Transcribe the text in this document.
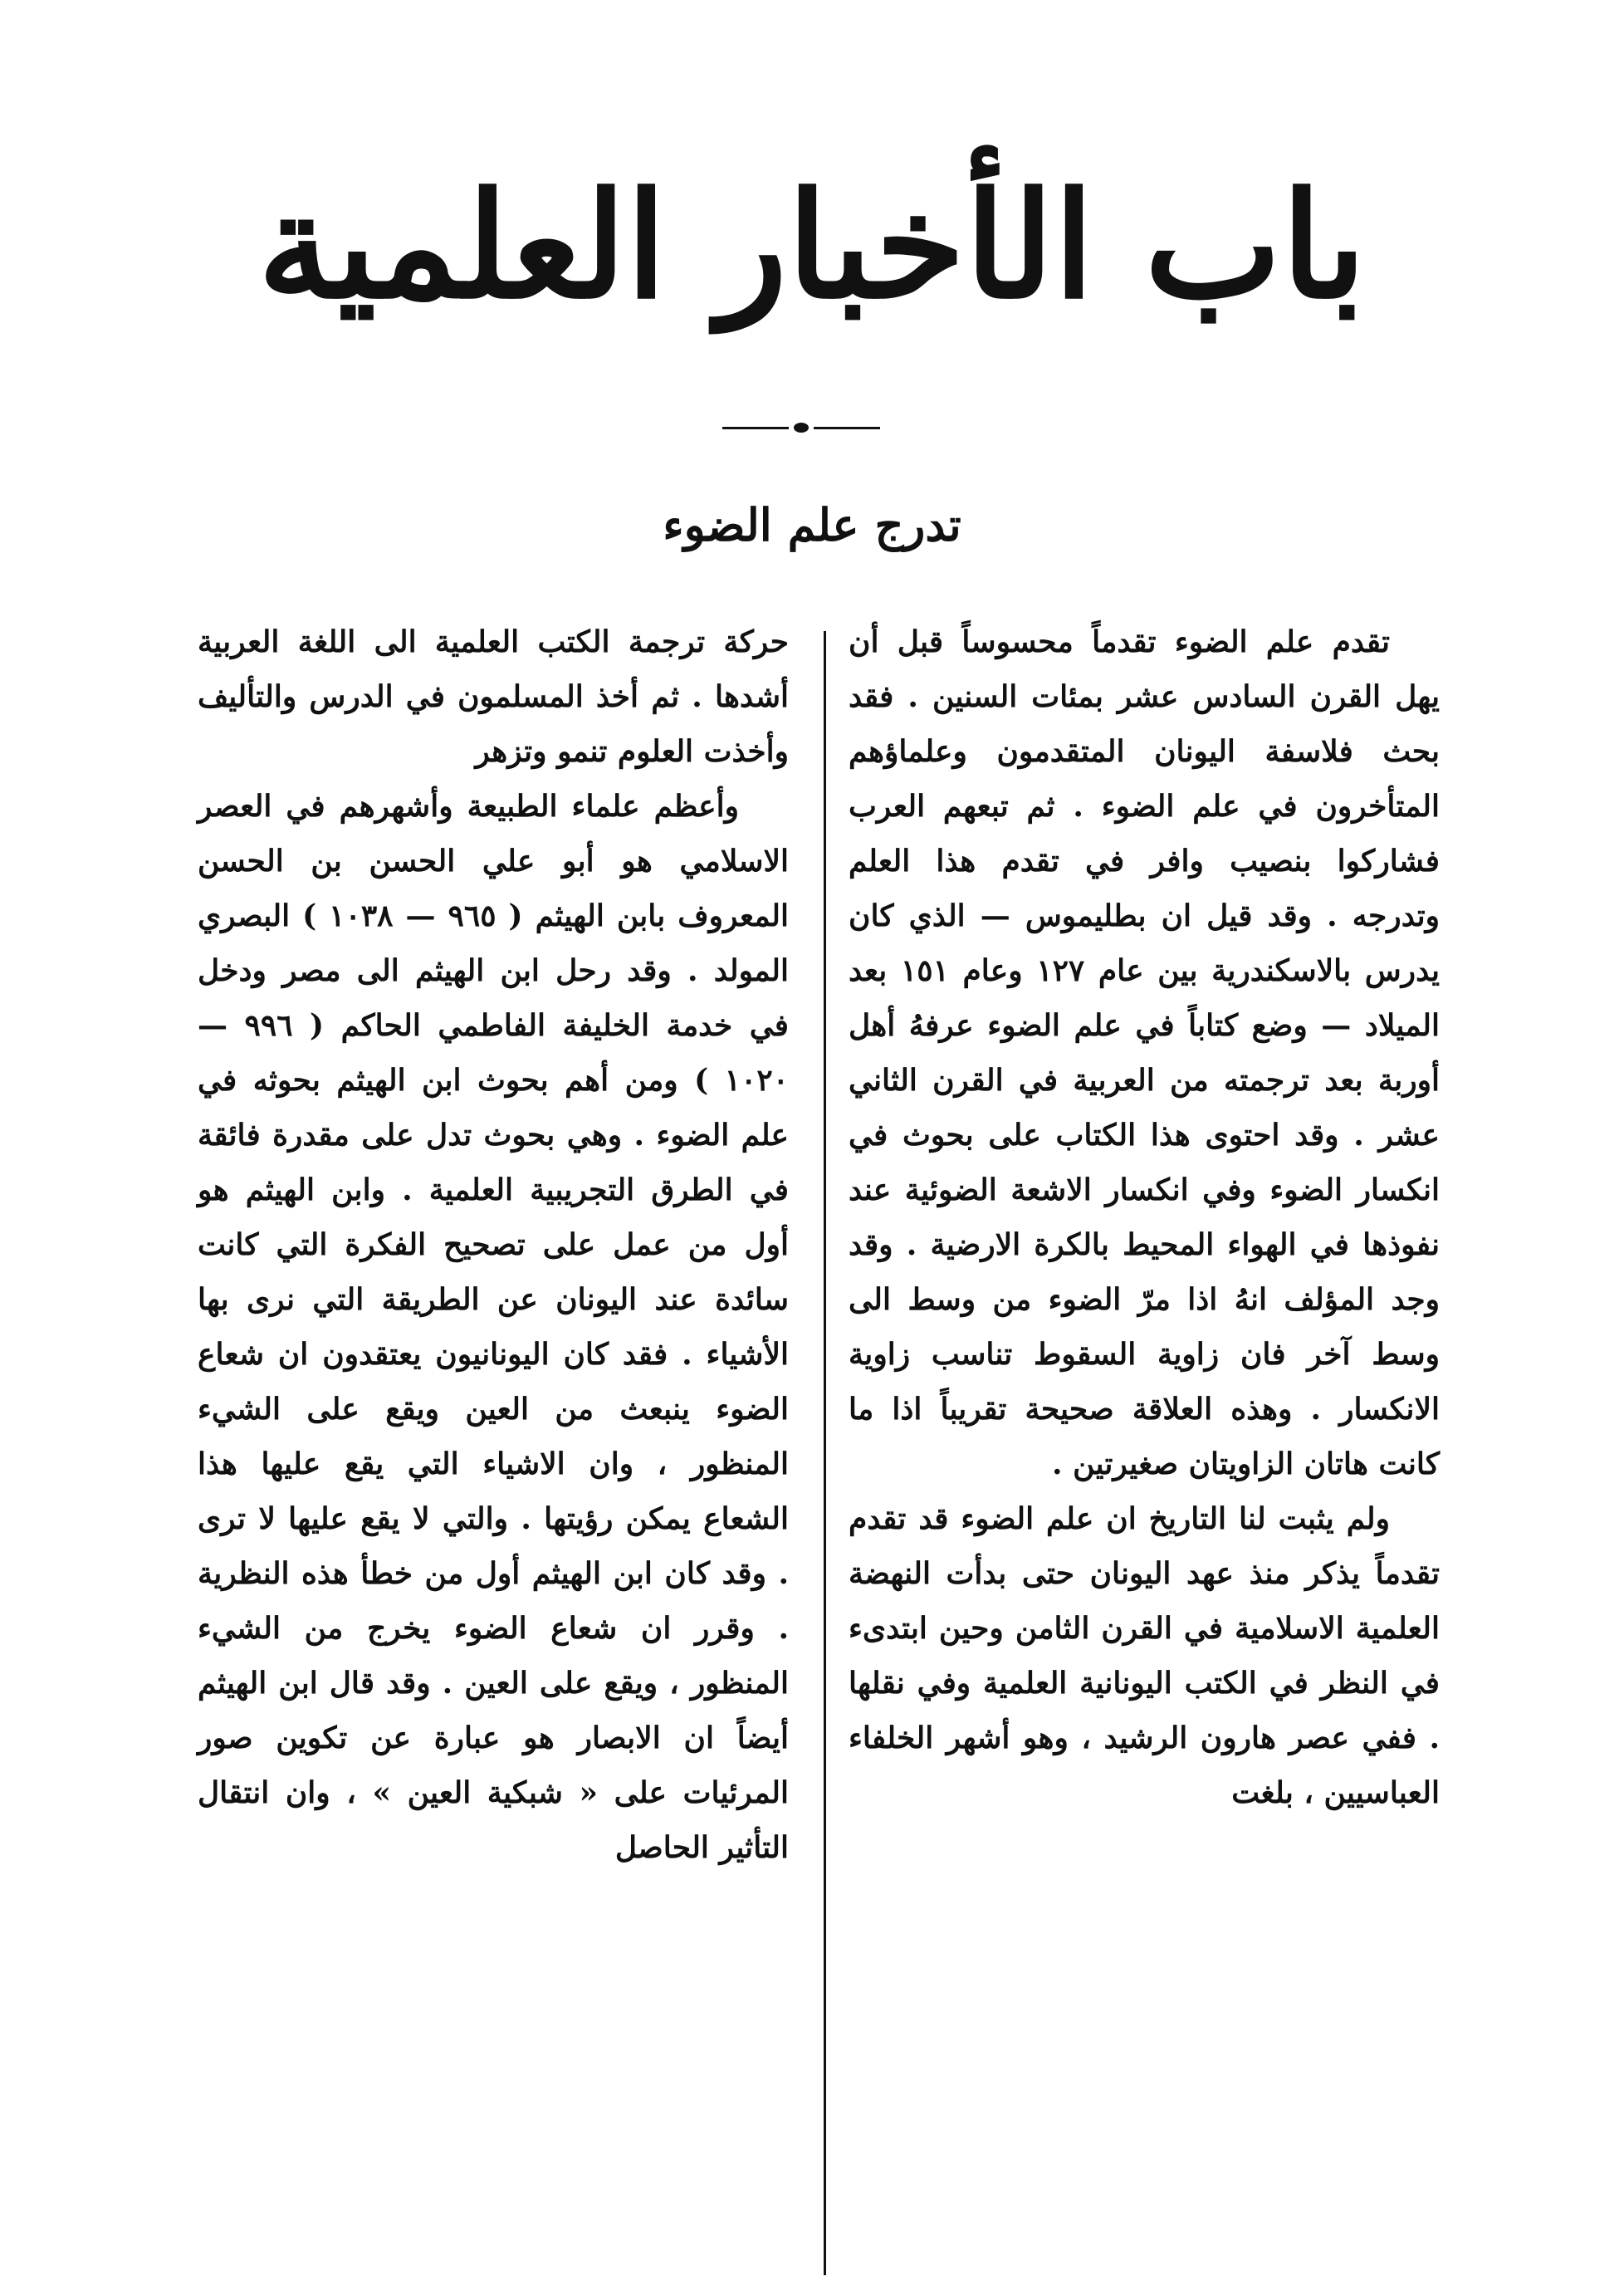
باب الأخبار العلمية
تدرج علم الضوء

تقدم علم الضوء تقدماً محسوساً قبل أن يهل القرن السادس عشر بمئات السنين . فقد بحث فلاسفة اليونان المتقدمون وعلماؤهم المتأخرون في علم الضوء . ثم تبعهم العرب فشاركوا بنصيب وافر في تقدم هذا العلم وتدرجه . وقد قيل ان بطليموس — الذي كان يدرس بالاسكندرية بين عام ١٢٧ وعام ١٥١ بعد الميلاد — وضع كتاباً في علم الضوء عرفهُ أهل أوربة بعد ترجمته من العربية في القرن الثاني عشر . وقد احتوى هذا الكتاب على بحوث في انكسار الضوء وفي انكسار الاشعة الضوئية عند نفوذها في الهواء المحيط بالكرة الارضية . وقد وجد المؤلف انهُ اذا مرّ الضوء من وسط الى وسط آخر فان زاوية السقوط تناسب زاوية الانكسار . وهذه العلاقة صحيحة تقريباً اذا ما كانت هاتان الزاويتان صغيرتين .

ولم يثبت لنا التاريخ ان علم الضوء قد تقدم تقدماً يذكر منذ عهد اليونان حتى بدأت النهضة العلمية الاسلامية في القرن الثامن وحين ابتدىء في النظر في الكتب اليونانية العلمية وفي نقلها . ففي عصر هارون الرشيد ، وهو أشهر الخلفاء العباسيين ، بلغت

حركة ترجمة الكتب العلمية الى اللغة العربية أشدها . ثم أخذ المسلمون في الدرس والتأليف وأخذت العلوم تنمو وتزهر

وأعظم علماء الطبيعة وأشهرهم في العصر الاسلامي هو أبو علي الحسن بن الحسن المعروف بابن الهيثم ( ٩٦٥ — ١٠٣٨ ) البصري المولد . وقد رحل ابن الهيثم الى مصر ودخل في خدمة الخليفة الفاطمي الحاكم ( ٩٩٦ — ١٠٢٠ ) ومن أهم بحوث ابن الهيثم بحوثه في علم الضوء . وهي بحوث تدل على مقدرة فائقة في الطرق التجريبية العلمية . وابن الهيثم هو أول من عمل على تصحيح الفكرة التي كانت سائدة عند اليونان عن الطريقة التي نرى بها الأشياء . فقد كان اليونانيون يعتقدون ان شعاع الضوء ينبعث من العين ويقع على الشيء المنظور ، وان الاشياء التي يقع عليها هذا الشعاع يمكن رؤيتها . والتي لا يقع عليها لا ترى . وقد كان ابن الهيثم أول من خطأ هذه النظرية . وقرر ان شعاع الضوء يخرج من الشيء المنظور ، ويقع على العين . وقد قال ابن الهيثم أيضاً ان الابصار هو عبارة عن تكوين صور المرئيات على « شبكية العين » ، وان انتقال التأثير الحاصل
